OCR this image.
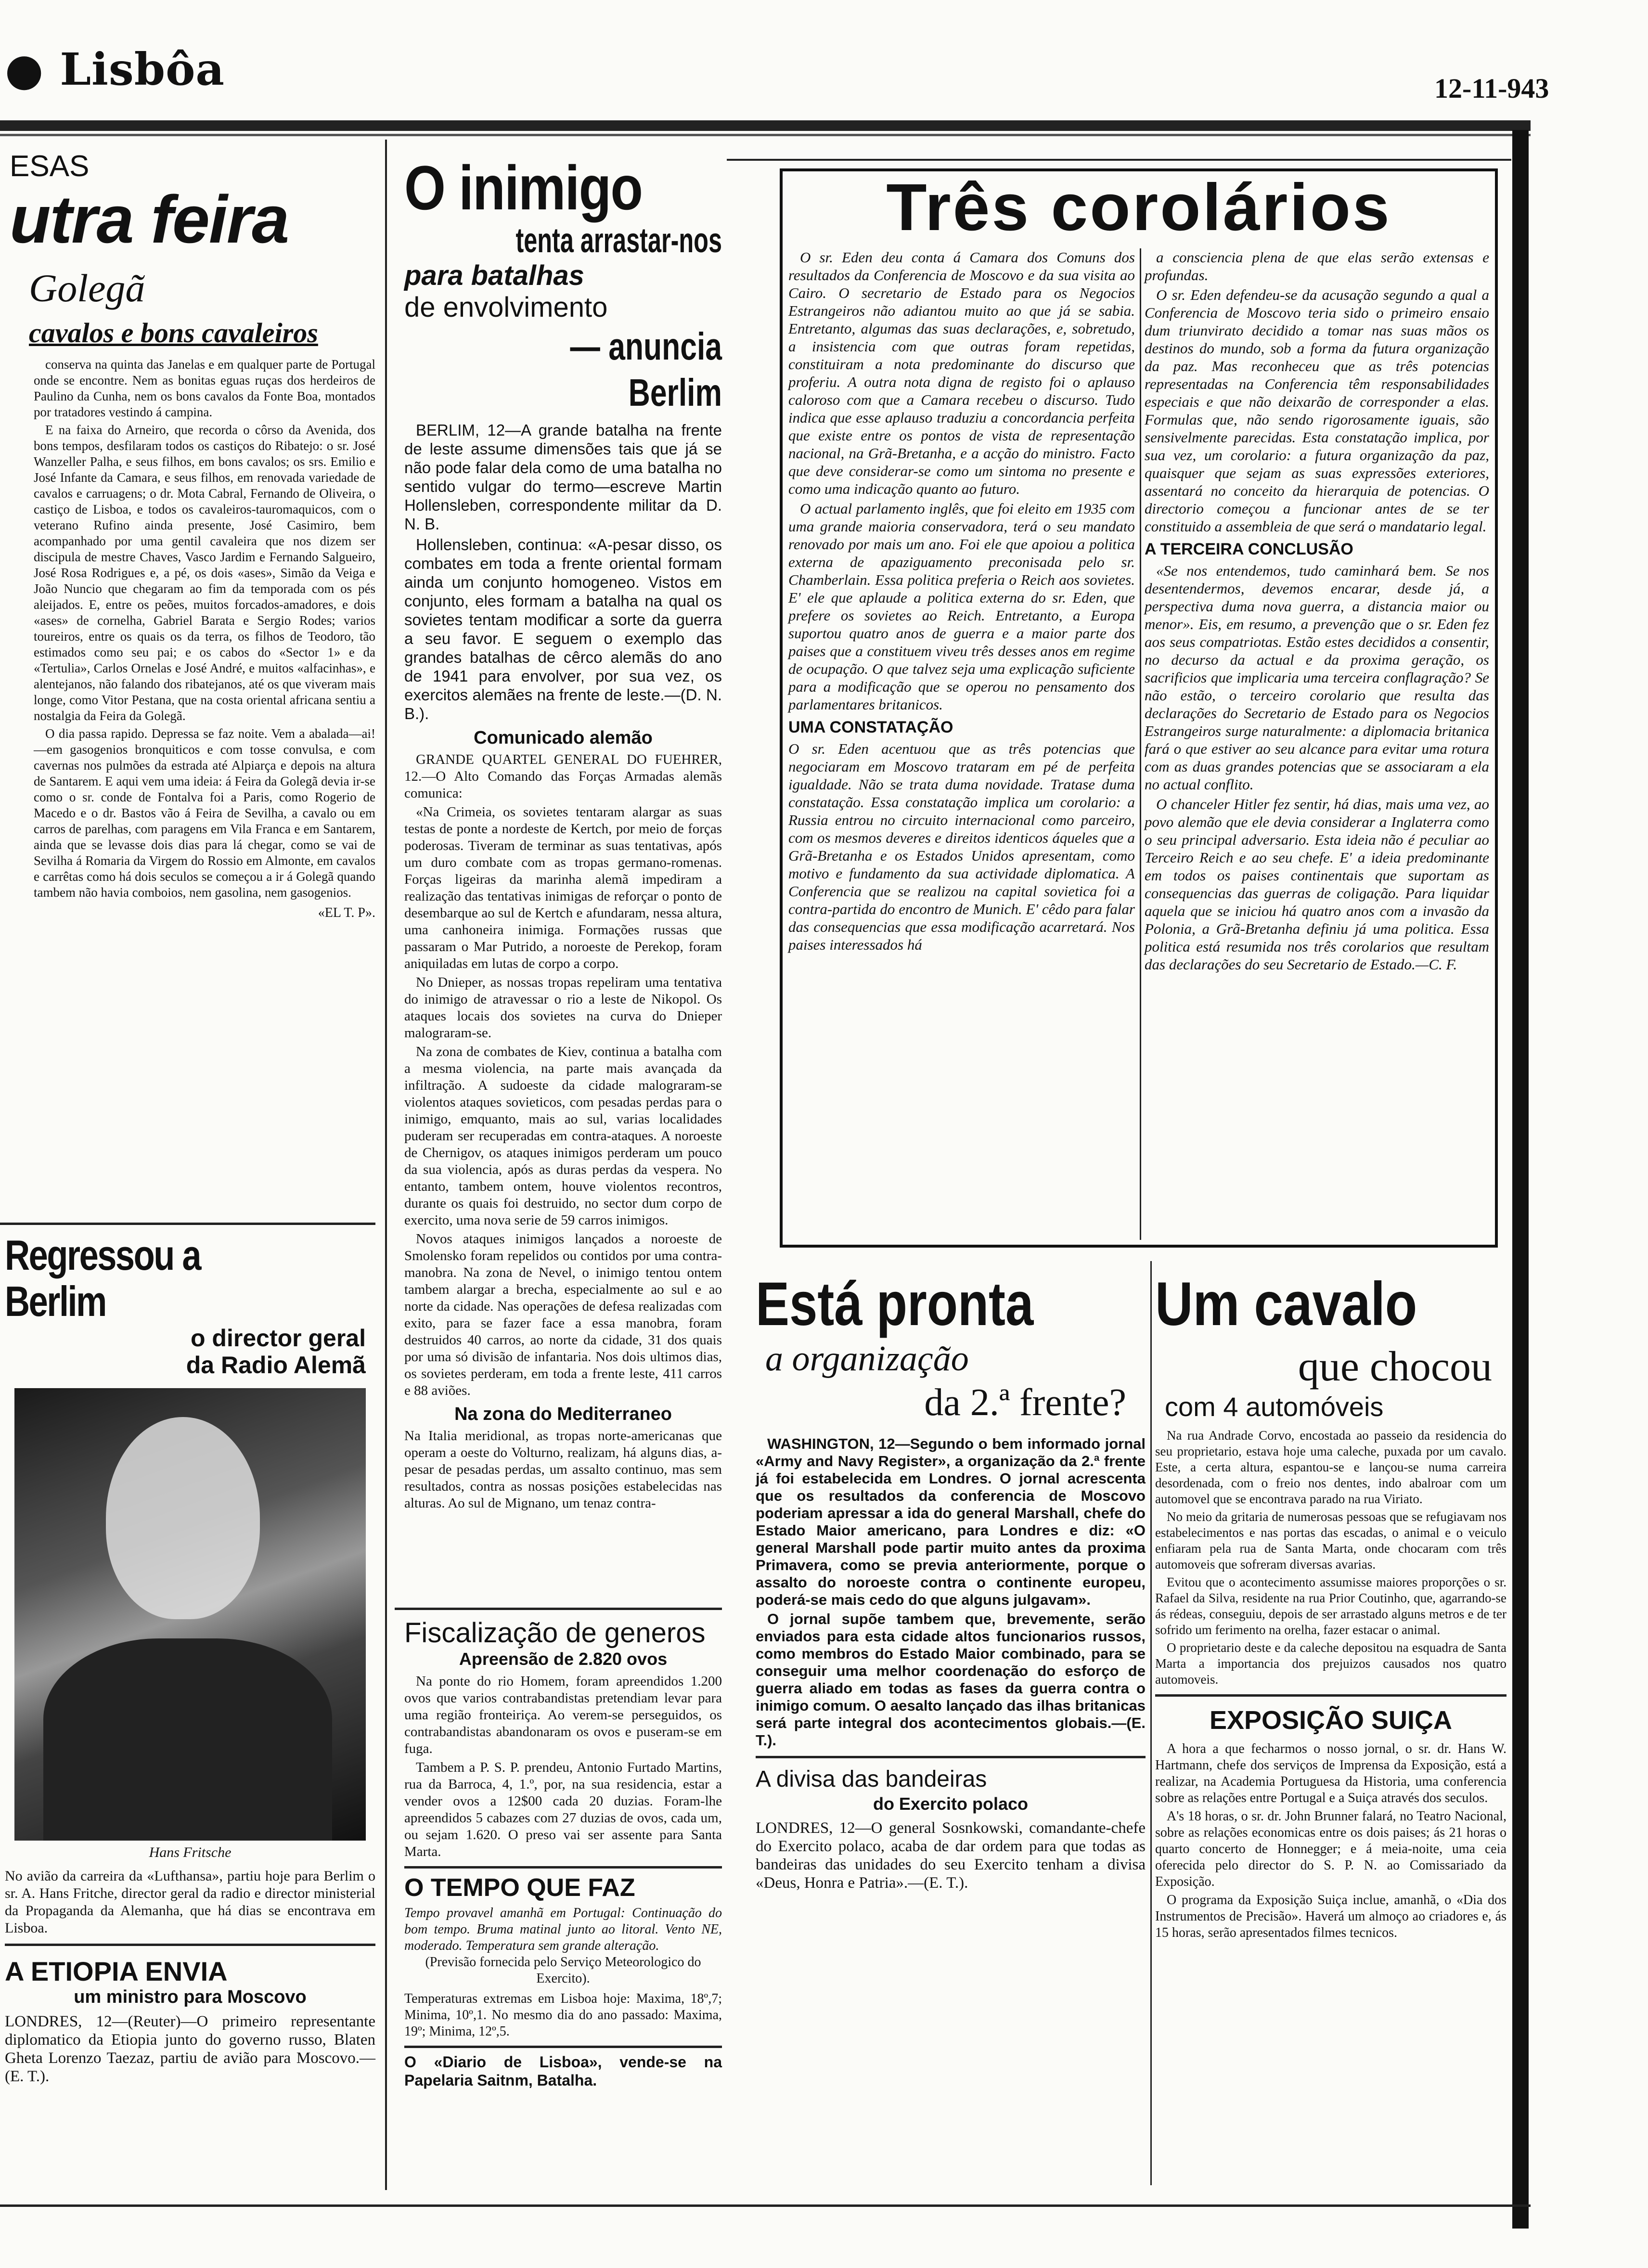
● Lisbôa	12-11-943
ESAS
utra feira
Golegã
cavalos e bons cavaleiros

conserva na quinta das Janelas e em qualquer parte de Portugal onde se encontre. Nem as bonitas eguas ruças dos herdeiros de Paulino da Cunha, nem os bons cavalos da Fonte Boa, montados por tratadores vestindo á campina.

E na faixa do Arneiro, que recorda o côrso da Avenida, dos bons tempos, desfilaram todos os castiços do Ribatejo: o sr. José Wanzeller Palha, e seus filhos, em bons cavalos; os srs. Emilio e José Infante da Camara, e seus filhos, em renovada variedade de cavalos e carruagens; o dr. Mota Cabral, Fernando de Oliveira, o castiço de Lisboa, e todos os cavaleiros-tauromaquicos, com o veterano Rufino ainda presente, José Casimiro, bem acompanhado por uma gentil cavaleira que nos dizem ser discipula de mestre Chaves, Vasco Jardim e Fernando Salgueiro, José Rosa Rodrigues e, a pé, os dois «ases», Simão da Veiga e João Nuncio que chegaram ao fim da temporada com os pés aleijados. E, entre os peões, muitos forcados-amadores, e dois «ases» de cornelha, Gabriel Barata e Sergio Rodes; varios toureiros, entre os quais os da terra, os filhos de Teodoro, tão estimados como seu pai; e os cabos do «Sector 1» e da «Tertulia», Carlos Ornelas e José André, e muitos «alfacinhas», e alentejanos, não falando dos ribatejanos, até os que viveram mais longe, como Vitor Pestana, que na costa oriental africana sentiu a nostalgia da Feira da Golegã.

O dia passa rapido. Depressa se faz noite. Vem a abalada—ai!—em gasogenios bronquiticos e com tosse convulsa, e com cavernas nos pulmões da estrada até Alpiarça e depois na altura de Santarem. E aqui vem uma ideia: á Feira da Golegã devia ir-se como o sr. conde de Fontalva foi a Paris, como Rogerio de Macedo e o dr. Bastos vão á Feira de Sevilha, a cavalo ou em carros de parelhas, com paragens em Vila Franca e em Santarem, ainda que se levasse dois dias para lá chegar, como se vai de Sevilha á Romaria da Virgem do Rossio em Almonte, em cavalos e carrêtas como há dois seculos se começou a ir á Golegã quando tambem não havia comboios, nem gasolina, nem gasogenios.

«EL T. P».
Regressou a Berlim
o director geral
da Radio Alemã
Hans Fritsche
No avião da carreira da «Lufthansa», partiu hoje para Berlim o sr. A. Hans Fritche, director geral da radio e director ministerial da Propaganda da Alemanha, que há dias se encontrava em Lisboa.
A ETIOPIA ENVIA
um ministro para Moscovo
LONDRES, 12—(Reuter)—O primeiro representante diplomatico da Etiopia junto do governo russo, Blaten Gheta Lorenzo Taezaz, partiu de avião para Moscovo.—(E. T.).
O inimigo
tenta arrastar-nos
para batalhas
de envolvimento
— anuncia Berlim

BERLIM, 12—A grande batalha na frente de leste assume dimensões tais que já se não pode falar dela como de uma batalha no sentido vulgar do termo—escreve Martin Hollensleben, correspondente militar da D. N. B.

Hollensleben, continua: «A-pesar disso, os combates em toda a frente oriental formam ainda um conjunto homogeneo. Vistos em conjunto, eles formam a batalha na qual os sovietes tentam modificar a sorte da guerra a seu favor. E seguem o exemplo das grandes batalhas de cêrco alemãs do ano de 1941 para envolver, por sua vez, os exercitos alemães na frente de leste.—(D. N. B.).

Comunicado alemão

GRANDE QUARTEL GENERAL DO FUEHRER, 12.—O Alto Comando das Forças Armadas alemãs comunica:

«Na Crimeia, os sovietes tentaram alargar as suas testas de ponte a nordeste de Kertch, por meio de forças poderosas. Tiveram de terminar as suas tentativas, após um duro combate com as tropas germano-romenas. Forças ligeiras da marinha alemã impediram a realização das tentativas inimigas de reforçar o ponto de desembarque ao sul de Kertch e afundaram, nessa altura, uma canhoneira inimiga. Formações russas que passaram o Mar Putrido, a noroeste de Perekop, foram aniquiladas em lutas de corpo a corpo.

No Dnieper, as nossas tropas repeliram uma tentativa do inimigo de atravessar o rio a leste de Nikopol. Os ataques locais dos sovietes na curva do Dnieper malograram-se.

Na zona de combates de Kiev, continua a batalha com a mesma violencia, na parte mais avançada da infiltração. A sudoeste da cidade malograram-se violentos ataques sovieticos, com pesadas perdas para o inimigo, emquanto, mais ao sul, varias localidades puderam ser recuperadas em contra-ataques. A noroeste de Chernigov, os ataques inimigos perderam um pouco da sua violencia, após as duras perdas da vespera. No entanto, tambem ontem, houve violentos recontros, durante os quais foi destruido, no sector dum corpo de exercito, uma nova serie de 59 carros inimigos.

Novos ataques inimigos lançados a noroeste de Smolensko foram repelidos ou contidos por uma contra-manobra. Na zona de Nevel, o inimigo tentou ontem tambem alargar a brecha, especialmente ao sul e ao norte da cidade. Nas operações de defesa realizadas com exito, para se fazer face a essa manobra, foram destruidos 40 carros, ao norte da cidade, 31 dos quais por uma só divisão de infantaria. Nos dois ultimos dias, os sovietes perderam, em toda a frente leste, 411 carros e 88 aviões.

Na zona do Mediterraneo
Na Italia meridional, as tropas norte-americanas que operam a oeste do Volturno, realizam, há alguns dias, a-pesar de pesadas perdas, um assalto continuo, mas sem resultados, contra as nossas posições estabelecidas nas alturas. Ao sul de Mignano, um tenaz contra-
Fiscalização de generos
Apreensão de 2.820 ovos

Na ponte do rio Homem, foram apreendidos 1.200 ovos que varios contrabandistas pretendiam levar para uma região fronteiriça. Ao verem-se perseguidos, os contrabandistas abandonaram os ovos e puseram-se em fuga.

Tambem a P. S. P. prendeu, Antonio Furtado Martins, rua da Barroca, 4, 1.º, por, na sua residencia, estar a vender ovos a 12$00 cada 20 duzias. Foram-lhe apreendidos 5 cabazes com 27 duzias de ovos, cada um, ou sejam 1.620. O preso vai ser assente para Santa Marta.

O TEMPO QUE FAZ
Tempo provavel amanhã em Portugal: Continuação do bom tempo. Bruma matinal junto ao litoral. Vento NE, moderado. Temperatura sem grande alteração.
(Previsão fornecida pelo Serviço Meteorologico do Exercito).
Temperaturas extremas em Lisboa hoje: Maxima, 18º,7; Minima, 10º,1. No mesmo dia do ano passado: Maxima, 19º; Minima, 12º,5.
O «Diario de Lisboa», vende-se na Papelaria Saitnm, Batalha.
Três corolários

O sr. Eden deu conta á Camara dos Comuns dos resultados da Conferencia de Moscovo e da sua visita ao Cairo. O secretario de Estado para os Negocios Estrangeiros não adiantou muito ao que já se sabia. Entretanto, algumas das suas declarações, e, sobretudo, a insistencia com que outras foram repetidas, constituiram a nota predominante do discurso que proferiu. A outra nota digna de registo foi o aplauso caloroso com que a Camara recebeu o discurso. Tudo indica que esse aplauso traduziu a concordancia perfeita que existe entre os pontos de vista de representação nacional, na Grã-Bretanha, e a acção do ministro. Facto que deve considerar-se como um sintoma no presente e como uma indicação quanto ao futuro.

O actual parlamento inglês, que foi eleito em 1935 com uma grande maioria conservadora, terá o seu mandato renovado por mais um ano. Foi ele que apoiou a politica externa de apaziguamento preconisada pelo sr. Chamberlain. Essa politica preferia o Reich aos sovietes. E' ele que aplaude a politica externa do sr. Eden, que prefere os sovietes ao Reich. Entretanto, a Europa suportou quatro anos de guerra e a maior parte dos paises que a constituem viveu três desses anos em regime de ocupação. O que talvez seja uma explicação suficiente para a modificação que se operou no pensamento dos parlamentares britanicos.

UMA CONSTATAÇÃO
O sr. Eden acentuou que as três potencias que negociaram em Moscovo trataram em pé de perfeita igualdade. Não se trata duma novidade. Tratase duma constatação. Essa constatação implica um corolario: a Russia entrou no circuito internacional como parceiro, com os mesmos deveres e direitos identicos áqueles que a Grã-Bretanha e os Estados Unidos apresentam, como motivo e fundamento da sua actividade diplomatica. A Conferencia que se realizou na capital sovietica foi a contra-partida do encontro de Munich. E' cêdo para falar das consequencias que essa modificação acarretará. Nos paises interessados há

a consciencia plena de que elas serão extensas e profundas.

O sr. Eden defendeu-se da acusação segundo a qual a Conferencia de Moscovo teria sido o primeiro ensaio dum triunvirato decidido a tomar nas suas mãos os destinos do mundo, sob a forma da futura organização da paz. Mas reconheceu que as três potencias representadas na Conferencia têm responsabilidades especiais e que não deixarão de corresponder a elas. Formulas que, não sendo rigorosamente iguais, são sensivelmente parecidas. Esta constatação implica, por sua vez, um corolario: a futura organização da paz, quaisquer que sejam as suas expressões exteriores, assentará no conceito da hierarquia de potencias. O directorio começou a funcionar antes de se ter constituido a assembleia de que será o mandatario legal.

A TERCEIRA CONCLUSÃO

«Se nos entendemos, tudo caminhará bem. Se nos desentendermos, devemos encarar, desde já, a perspectiva duma nova guerra, a distancia maior ou menor». Eis, em resumo, a prevenção que o sr. Eden fez aos seus compatriotas. Estão estes decididos a consentir, no decurso da actual e da proxima geração, os sacrificios que implicaria uma terceira conflagração? Se não estão, o terceiro corolario que resulta das declarações do Secretario de Estado para os Negocios Estrangeiros surge naturalmente: a diplomacia britanica fará o que estiver ao seu alcance para evitar uma rotura com as duas grandes potencias que se associaram a ela no actual conflito.

O chanceler Hitler fez sentir, há dias, mais uma vez, ao povo alemão que ele devia considerar a Inglaterra como o seu principal adversario. Esta ideia não é peculiar ao Terceiro Reich e ao seu chefe. E' a ideia predominante em todos os paises continentais que suportam as consequencias das guerras de coligação. Para liquidar aquela que se iniciou há quatro anos com a invasão da Polonia, a Grã-Bretanha definiu já uma politica. Essa politica está resumida nos três corolarios que resultam das declarações do seu Secretario de Estado.—C. F.

Está pronta
a organização
da 2.ª frente?

WASHINGTON, 12—Segundo o bem informado jornal «Army and Navy Register», a organização da 2.ª frente já foi estabelecida em Londres. O jornal acrescenta que os resultados da conferencia de Moscovo poderiam apressar a ida do general Marshall, chefe do Estado Maior americano, para Londres e diz: «O general Marshall pode partir muito antes da proxima Primavera, como se previa anteriormente, porque o assalto do noroeste contra o continente europeu, poderá-se mais cedo do que alguns julgavam».

O jornal supõe tambem que, brevemente, serão enviados para esta cidade altos funcionarios russos, como membros do Estado Maior combinado, para se conseguir uma melhor coordenação do esforço de guerra aliado em todas as fases da guerra contra o inimigo comum. O aesalto lançado das ilhas britanicas será parte integral dos acontecimentos globais.—(E. T.).

A divisa das bandeiras
do Exercito polaco
LONDRES, 12—O general Sosnkowski, comandante-chefe do Exercito polaco, acaba de dar ordem para que todas as bandeiras das unidades do seu Exercito tenham a divisa «Deus, Honra e Patria».—(E. T.).
Um cavalo
que chocou
com 4 automóveis

Na rua Andrade Corvo, encostada ao passeio da residencia do seu proprietario, estava hoje uma caleche, puxada por um cavalo. Este, a certa altura, espantou-se e lançou-se numa carreira desordenada, com o freio nos dentes, indo abalroar com um automovel que se encontrava parado na rua Viriato.

No meio da gritaria de numerosas pessoas que se refugiavam nos estabelecimentos e nas portas das escadas, o animal e o veiculo enfiaram pela rua de Santa Marta, onde chocaram com três automoveis que sofreram diversas avarias.

Evitou que o acontecimento assumisse maiores proporções o sr. Rafael da Silva, residente na rua Prior Coutinho, que, agarrando-se ás rédeas, conseguiu, depois de ser arrastado alguns metros e de ter sofrido um ferimento na orelha, fazer estacar o animal.

O proprietario deste e da caleche depositou na esquadra de Santa Marta a importancia dos prejuizos causados nos quatro automoveis.

EXPOSIÇÃO SUIÇA

A hora a que fecharmos o nosso jornal, o sr. dr. Hans W. Hartmann, chefe dos serviços de Imprensa da Exposição, está a realizar, na Academia Portuguesa da Historia, uma conferencia sobre as relações entre Portugal e a Suiça através dos seculos.

A's 18 horas, o sr. dr. John Brunner falará, no Teatro Nacional, sobre as relações economicas entre os dois paises; ás 21 horas o quarto concerto de Honnegger; e á meia-noite, uma ceia oferecida pelo director do S. P. N. ao Comissariado da Exposição.

O programa da Exposição Suiça inclue, amanhã, o «Dia dos Instrumentos de Precisão». Haverá um almoço ao criadores e, ás 15 horas, serão apresentados filmes tecnicos.
